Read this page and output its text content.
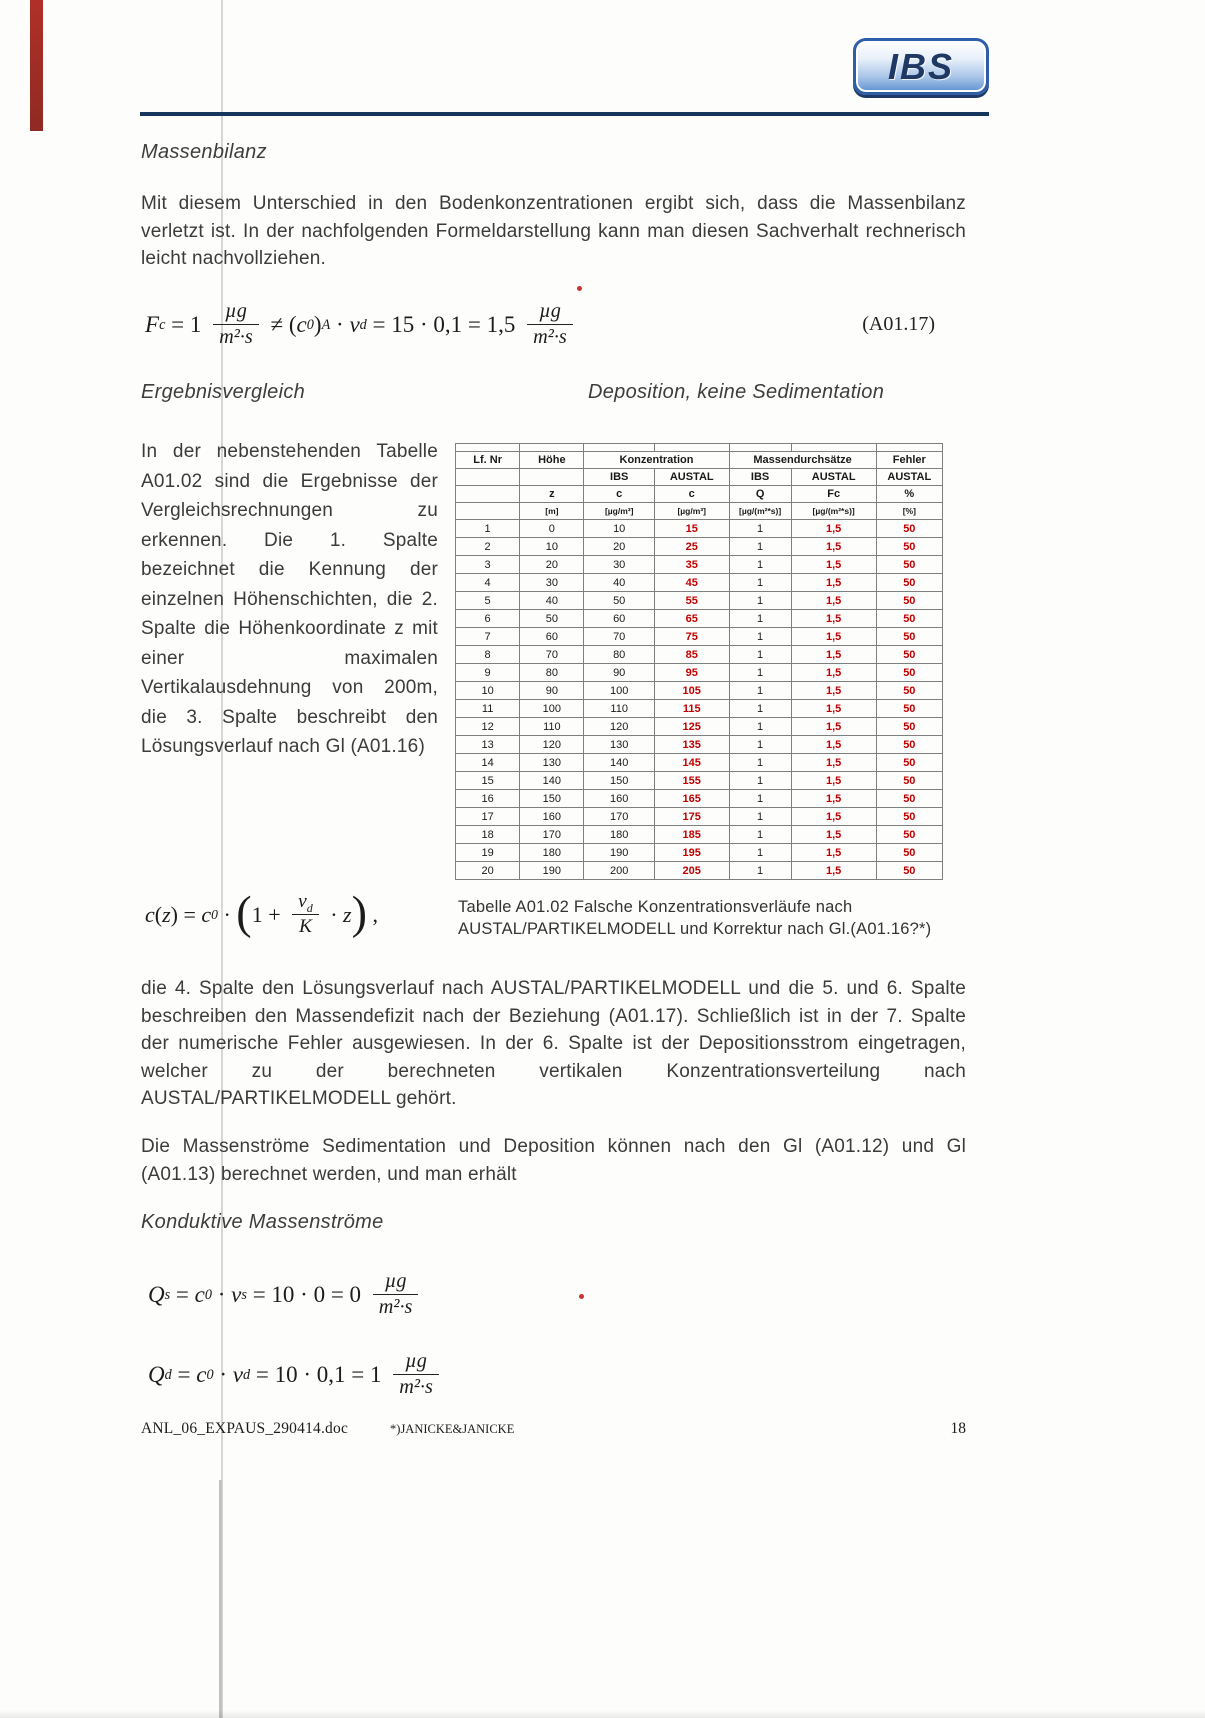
IBS
Massenbilanz
Mit diesem Unterschied in den Bodenkonzentrationen ergibt sich, dass die Massenbilanz verletzt ist. In der nachfolgenden Formeldarstellung kann man diesen Sachverhalt rechnerisch leicht nachvollziehen.
F $c = 1 \frac{\text{µg}}{\text{m²·s}}$ ≠ ( c 0 ) A · v $d = 15 \cdot 0,1 = 1,5 \frac{\text{µg}}{\text{m²·s}}$	(A01.17)
Ergebnisvergleich	Deposition, keine Sedimentation
In der nebenstehenden Tabelle A01.02 sind die Ergebnisse der Vergleichsrechnungen zu erkennen. Die 1. Spalte bezeichnet die Kennung der einzelnen Höhenschichten, die 2. Spalte die Höhenkoordinate z mit einer maximalen Vertikalausdehnung von 200m, die 3. Spalte beschreibt den Lösungsverlauf nach Gl (A01.16)
c ( z ) = c 0 · ( $1 + \frac{v_d}{K} \cdot z$ ) ,

Lf. Nr	Höhe	Konzentration		Massendurchsätze		Fehler
		IBS	AUSTAL	IBS	AUSTAL	AUSTAL
	z	c	c	Q	Fc	%
	[m]	[µg/m³]	[µg/m³]	[µg/(m²*s)]	[µg/(m²*s)]	[%]
1	0	10	15	1	1,5	50
2	10	20	25	1	1,5	50
3	20	30	35	1	1,5	50
4	30	40	45	1	1,5	50
5	40	50	55	1	1,5	50
6	50	60	65	1	1,5	50
7	60	70	75	1	1,5	50
8	70	80	85	1	1,5	50
9	80	90	95	1	1,5	50
10	90	100	105	1	1,5	50
11	100	110	115	1	1,5	50
12	110	120	125	1	1,5	50
13	120	130	135	1	1,5	50
14	130	140	145	1	1,5	50
15	140	150	155	1	1,5	50
16	150	160	165	1	1,5	50
17	160	170	175	1	1,5	50
18	170	180	185	1	1,5	50
19	180	190	195	1	1,5	50
20	190	200	205	1	1,5	50
Tabelle A01.02 Falsche Konzentrationsverläufe nach AUSTAL/PARTIKELMODELL und Korrektur nach Gl.(A01.16?*)
die 4. Spalte den Lösungsverlauf nach AUSTAL/PARTIKELMODELL und die 5. und 6. Spalte beschreiben den Massendefizit nach der Beziehung (A01.17). Schließlich ist in der 7. Spalte der numerische Fehler ausgewiesen. In der 6. Spalte ist der Depositionsstrom eingetragen, welcher zu der berechneten vertikalen Konzentrationsverteilung nach AUSTAL/PARTIKELMODELL gehört.
Die Massenströme Sedimentation und Deposition können nach den Gl (A01.12) und Gl (A01.13) berechnet werden, und man erhält
Konduktive Massenströme
Q s = c 0 · v $s = 10 \cdot 0 = 0 \frac{\text{µg}}{\text{m²·s}}$
Q d = c 0 · v $d = 10 \cdot 0,1 = 1 \frac{\text{µg}}{\text{m²·s}}$
ANL_06_EXPAUS_290414.doc	*)JANICKE&JANICKE	18
